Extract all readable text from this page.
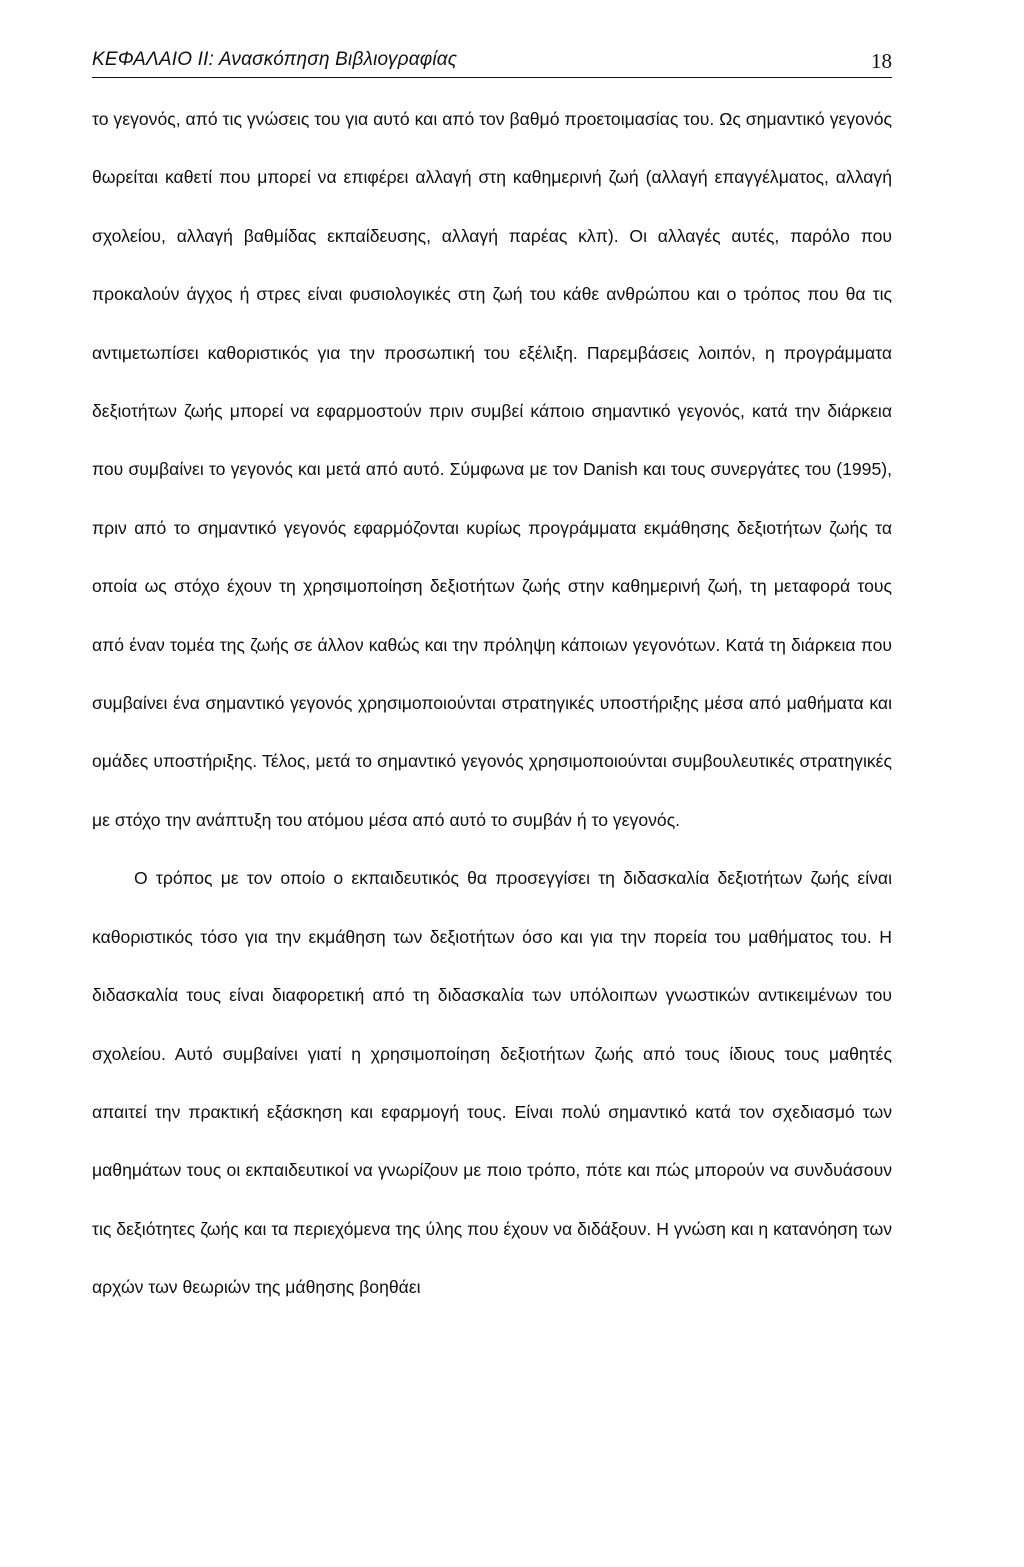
ΚΕΦΑΛΑΙΟ ΙΙ: Ανασκόπηση Βιβλιογραφίας	18

το γεγονός, από τις γνώσεις του για αυτό και από τον βαθμό προετοιμασίας του. Ως σημαντικό γεγονός θωρείται καθετί που μπορεί να επιφέρει αλλαγή στη καθημερινή ζωή (αλλαγή επαγγέλματος, αλλαγή σχολείου, αλλαγή βαθμίδας εκπαίδευσης, αλλαγή παρέας κλπ). Οι αλλαγές αυτές, παρόλο που προκαλούν άγχος ή στρες είναι φυσιολογικές στη ζωή του κάθε ανθρώπου και ο τρόπος που θα τις αντιμετωπίσει καθοριστικός για την προσωπική του εξέλιξη. Παρεμβάσεις λοιπόν, η προγράμματα δεξιοτήτων ζωής μπορεί να εφαρμοστούν πριν συμβεί κάποιο σημαντικό γεγονός, κατά την διάρκεια που συμβαίνει το γεγονός και μετά από αυτό. Σύμφωνα με τον Danish και τους συνεργάτες του (1995), πριν από το σημαντικό γεγονός εφαρμόζονται κυρίως προγράμματα εκμάθησης δεξιοτήτων ζωής τα οποία ως στόχο έχουν τη χρησιμοποίηση δεξιοτήτων ζωής στην καθημερινή ζωή, τη μεταφορά τους από έναν τομέα της ζωής σε άλλον καθώς και την πρόληψη κάποιων γεγονότων. Κατά τη διάρκεια που συμβαίνει ένα σημαντικό γεγονός χρησιμοποιούνται στρατηγικές υποστήριξης μέσα από μαθήματα και ομάδες υποστήριξης. Τέλος, μετά το σημαντικό γεγονός χρησιμοποιούνται συμβουλευτικές στρατηγικές με στόχο την ανάπτυξη του ατόμου μέσα από αυτό το συμβάν ή το γεγονός.

Ο τρόπος με τον οποίο ο εκπαιδευτικός θα προσεγγίσει τη διδασκαλία δεξιοτήτων ζωής είναι καθοριστικός τόσο για την εκμάθηση των δεξιοτήτων όσο και για την πορεία του μαθήματος του. Η διδασκαλία τους είναι διαφορετική από τη διδασκαλία των υπόλοιπων γνωστικών αντικειμένων του σχολείου. Αυτό συμβαίνει γιατί η χρησιμοποίηση δεξιοτήτων ζωής από τους ίδιους τους μαθητές απαιτεί την πρακτική εξάσκηση και εφαρμογή τους. Είναι πολύ σημαντικό κατά τον σχεδιασμό των μαθημάτων τους οι εκπαιδευτικοί να γνωρίζουν με ποιο τρόπο, πότε και πώς μπορούν να συνδυάσουν τις δεξιότητες ζωής και τα περιεχόμενα της ύλης που έχουν να διδάξουν. Η γνώση και η κατανόηση των αρχών των θεωριών της μάθησης βοηθάει
